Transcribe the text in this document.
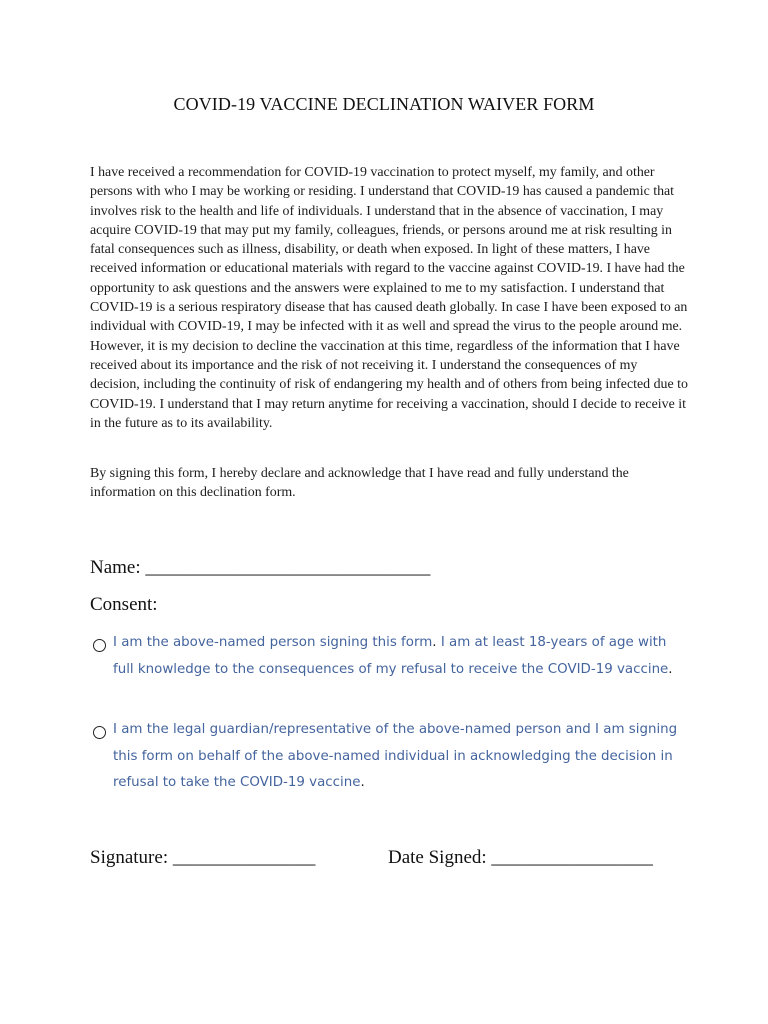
COVID-19 VACCINE DECLINATION WAIVER FORM
I have received a recommendation for COVID-19 vaccination to protect myself, my family, and other persons with who I may be working or residing. I understand that COVID-19 has caused a pandemic that involves risk to the health and life of individuals. I understand that in the absence of vaccination, I may acquire COVID-19 that may put my family, colleagues, friends, or persons around me at risk resulting in fatal consequences such as illness, disability, or death when exposed. In light of these matters, I have received information or educational materials with regard to the vaccine against COVID-19. I have had the opportunity to ask questions and the answers were explained to me to my satisfaction. I understand that COVID-19 is a serious respiratory disease that has caused death globally. In case I have been exposed to an individual with COVID-19, I may be infected with it as well and spread the virus to the people around me. However, it is my decision to decline the vaccination at this time, regardless of the information that I have received about its importance and the risk of not receiving it. I understand the consequences of my decision, including the continuity of risk of endangering my health and of others from being infected due to COVID-19. I understand that I may return anytime for receiving a vaccination, should I decide to receive it in the future as to its availability.
By signing this form, I hereby declare and acknowledge that I have read and fully understand the information on this declination form.
Name: ______________________________
Consent:
I am the above-named person signing this form. I am at least 18-years of age with full knowledge to the consequences of my refusal to receive the COVID-19 vaccine.
I am the legal guardian/representative of the above-named person and I am signing this form on behalf of the above-named individual in acknowledging the decision in refusal to take the COVID-19 vaccine.
Signature: _______________	Date Signed: _________________
